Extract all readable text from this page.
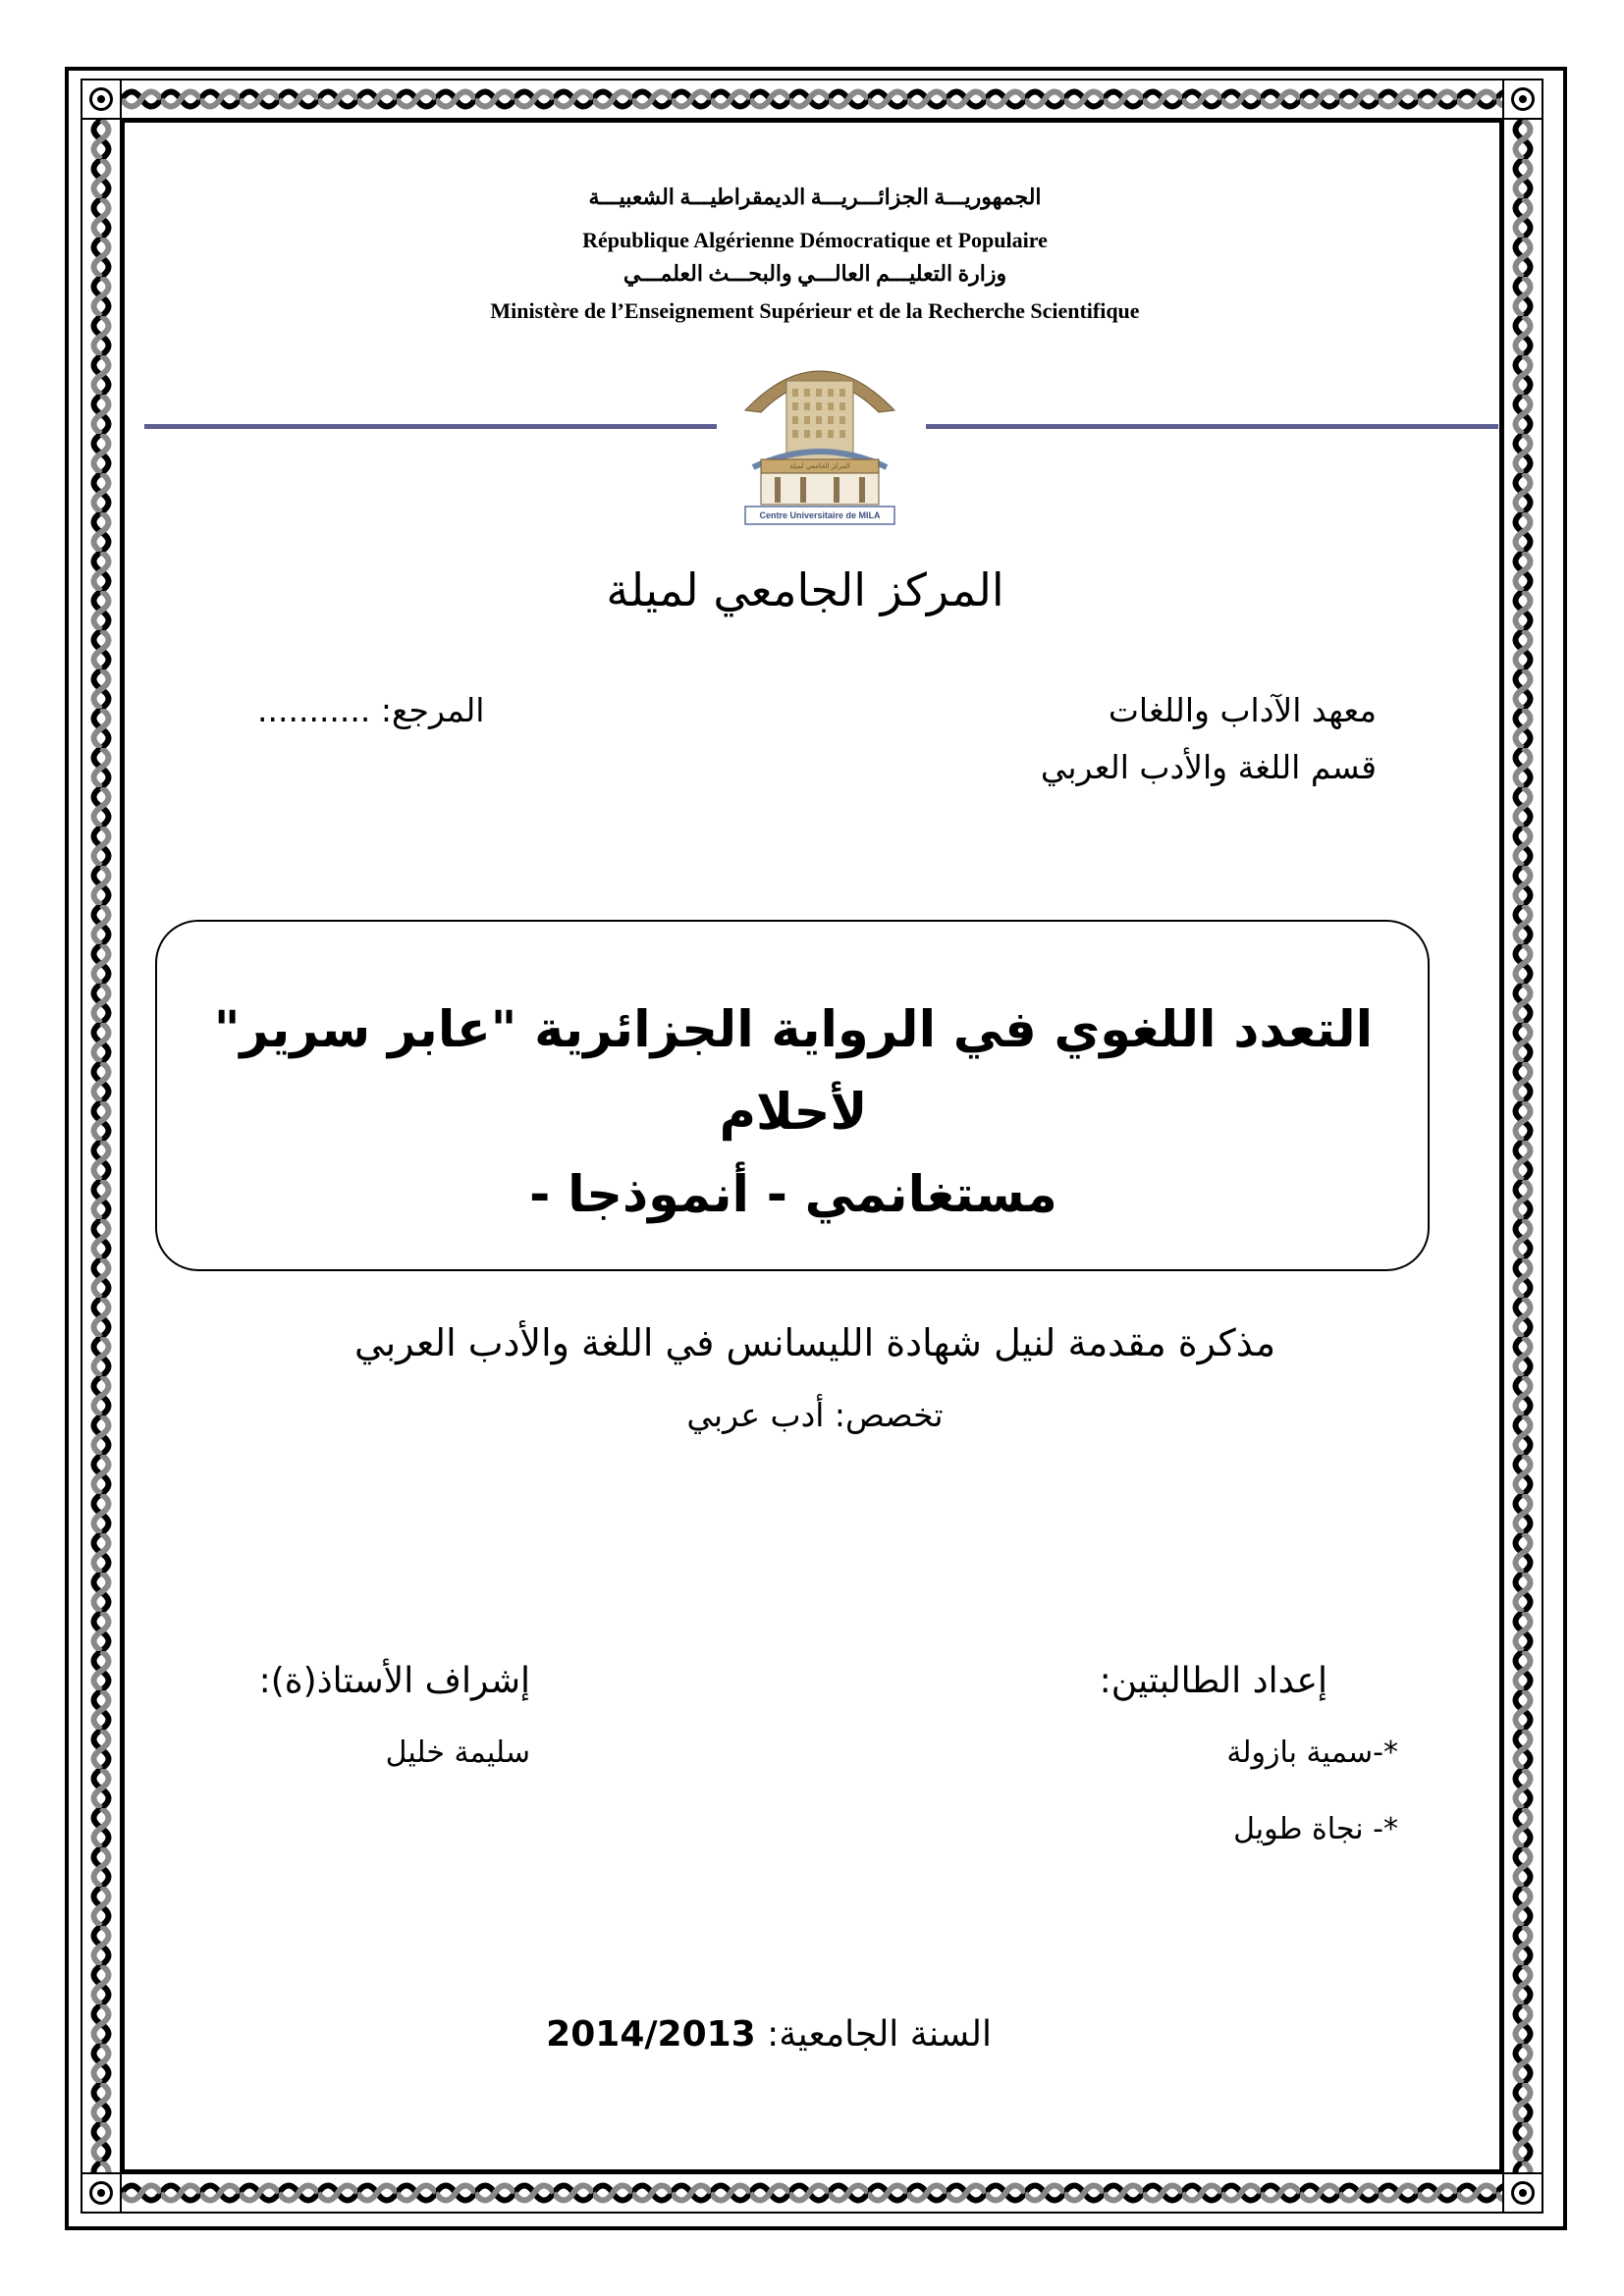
الجمهوريـــة الجزائـــريـــة الديمقراطيـــة الشعبيـــة
République Algérienne Démocratique et Populaire
وزارة التعليـــم العالـــي والبحـــث العلمـــي
Ministère de l’Enseignement Supérieur et de la Recherche Scientifique
المركز الجامعي لميلة
Centre Universitaire de MILA
المركز الجامعي لميلة
معهد الآداب واللغات
قسم اللغة والأدب العربي
المرجع: ...........
التعدد اللغوي في الرواية الجزائرية "عابر سرير" لأحلام
مستغانمي - أنموذجا -
مذكرة مقدمة لنيل شهادة الليسانس في اللغة والأدب العربي
تخصص: أدب عربي
إعداد الطالبتين:
*-سمية بازولة
*- نجاة طويل
إشراف الأستاذ(ة):
سليمة خليل
السنة الجامعية: 2014/2013
